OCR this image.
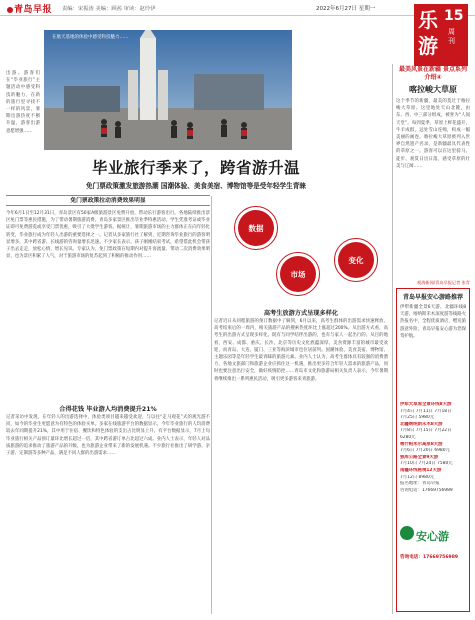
青岛早报 责编：宋振涛 美编：顾茜 审读：赵玲伊	2022年6月27日 星期一 乐
游
15
周刊
在航天基地的体验中感受科技魅力……
出游。游客们在“毕业旅行”主题活动中感受科技的魅力，在新的旅行里寻找不一样的风景，暑期出游热度不断升温，游客出游意愿增强……
毕业旅行季来了，跨省游升温
免门票政策激发旅游热潮 国潮体验、美食美宿、博物馆等是受年轻学生青睐
免门票政策拉动消费效果明显
今年6月1日至12月31日，青岛景区有50家A级旅游景区免费开放，带动乐行游客出行。各地陆续推出景区免门票等惠民措施，为了带动暑期旅游消费，青岛多家景区推出毕业季特惠活动，学生凭准考证或毕业证即可免费游览或享受门票优惠，吸引了大批学生游客。据统计，暑期旅游市场的主力群体正在向年轻化转变，毕业旅行成为年轻人出游的重要选择之一。记者从多家旅行社了解到，近期咨询毕业旅行的游客明显增多，其中跨省游、长线游的咨询量增长迅速。不少家长表示，孩子刚刚结束考试，希望借此机会带孩子出去走走，放松心情、增长见识。专家认为，免门票政策在短期内对提升客流量、带动二次消费效果明显，也为景区积累了人气，对于旅游市场的复苏起到了积极的推动作用……
合得花钱 毕业游人均消费提升21%
记者采访中发现，在年轻人的出游选择中，体验类项目越来越受欢迎，与以往“走马观花”式的观光游不同，如今的毕业生更愿意为有特色的体验买单。多家在线旅游平台的数据显示，今年毕业旅行的人均消费较去年同期提升21%，其中用于住宿、餐饮和特色体验的支出占比明显上升。有平台数据显示，7月上旬毕业旅行相关产品预订量环比增长超过一倍，其中跨省游订单占比超过六成。业内人士表示，年轻人对品质旅游的追求推动了旅游产品的升级，也为旅游企业带来了新的发展机遇。不少旅行社推出了研学游、亲子游、定制游等多种产品，满足不同人群的出游需求……
数据
市场
变化
高考生放游方式呈现多样化
记者近日从同程旅游的预订数据中了解到，6月以来，高考生群体的出游需求快速释放，高考结束后的一周内，相关旅游产品的搜索热度环比上涨超过200%。从出游方式看，高考生的出游方式呈现多样化，既有与同学结伴出游的，也有与家人一起出行的。从目的地看，西安、成都、重庆、长沙、北京等历史文化底蕴深厚、美食资源丰富的城市最受欢迎，而青岛、大连、厦门、三亚等海滨城市也位居前列。国潮体验、美食美宿、博物馆、主题乐园等是年轻学生最青睐的旅游元素。业内人士认为，高考生群体具有较强的消费潜力，各地文旅部门和旅游企业应抓住这一机遇，推出更多符合年轻人需求的旅游产品，同时也要注意出行安全，做好疫情防控……青岛市文化和旅游局相关负责人表示，今年暑期将继续推出一系列惠民活动，吸引更多游客来青旅游。
最美风景在新疆 景点系列介绍④
喀拉峻大草原
这个季节的新疆，最美的莫过于喀拉峻大草原。这里地处天山北麓，由东、西、中三部分组成，被誉为“人间天堂”。每到夏季，草原上鲜花盛开，牛羊成群，远处雪山连绵，构成一幅美丽的画卷。喀拉峻大草原被列入世界自然遗产名录，是新疆最具代表性的草原之一。游客可以在这里骑马、徒步、观赏日出日落，感受草原的壮美与辽阔……
观海新闻/青岛早报记者 张青
青岛早报安心游路推荐
伊犁新疆全景6天游、北疆环线8天游、喀纳斯禾木深度游等线路火热报名中，全程优质酒店，赠送旅游意外险，青岛早报安心游为您保驾护航。
伊犁大草原全景环线8天游
7月4日 7月11日 7月18日
7月25日 5980元
北疆喀纳斯禾木8天游
7月8日 7月15日 7月22日
6280元
喀什帕米尔高原8天游
7月6日 7月20日 6980元
独库公路全景9天游
7月10日 7月24日 7580元
南疆环线秘境12天游
7月12日 8980元
报名地址：青岛早报
咨询电话：17669756989
安心游
咨询电话：17669756989
